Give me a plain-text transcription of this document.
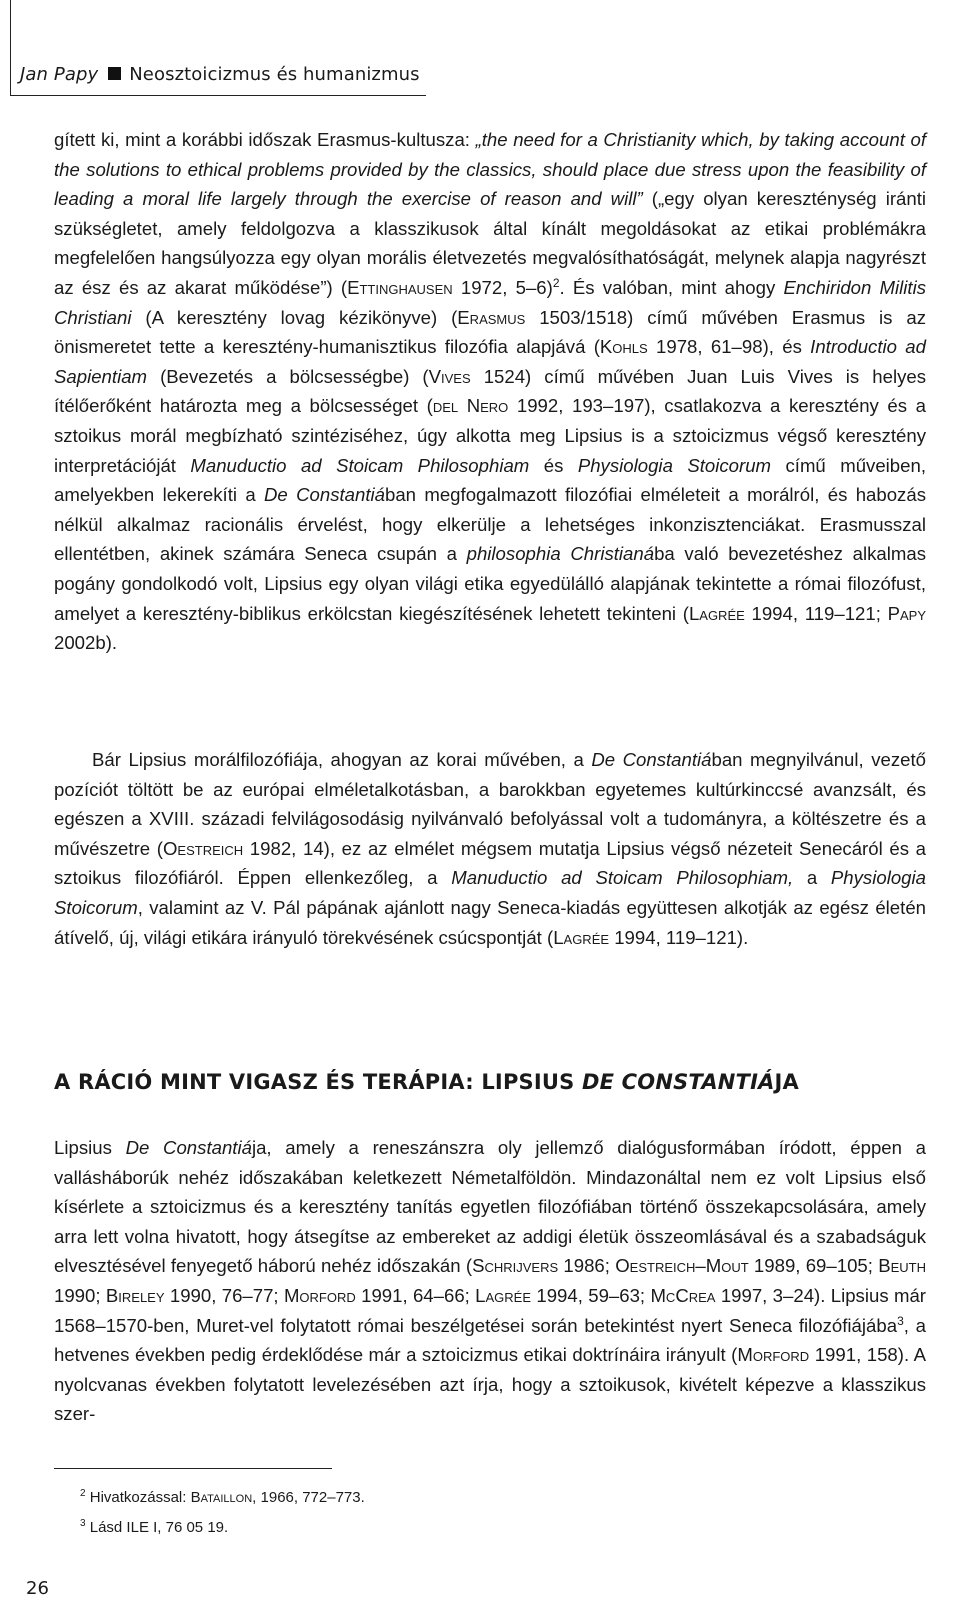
Jan Papy Neosztoicizmus és humanizmus

gített ki, mint a korábbi időszak Erasmus-kultusza: „the need for a Christianity which, by taking account of the solutions to ethical problems provided by the classics, should place due stress upon the feasibility of leading a moral life largely through the exercise of reason and will” („egy olyan kereszténység iránti szükségletet, amely feldolgozva a klasszikusok által kínált megoldásokat az etikai problémákra megfelelően hangsúlyozza egy olyan morális életvezetés megvalósíthatóságát, melynek alapja nagyrészt az ész és az akarat működése”) (Ettinghausen 1972, 5–6)$^2$. És valóban, mint ahogy Enchiridon Militis Christiani (A keresztény lovag kézikönyve) (Erasmus 1503/1518) című művében Erasmus is az önismeretet tette a keresztény-humanisztikus filozófia alapjává (Kohls 1978, 61–98), és Introductio ad Sapientiam (Bevezetés a bölcsességbe) (Vives 1524) című művében Juan Luis Vives is helyes ítélőerőként határozta meg a bölcsességet (del Nero 1992, 193–197), csatlakozva a keresztény és a sztoikus morál megbízható szintéziséhez, úgy alkotta meg Lipsius is a sztoicizmus végső keresztény interpretációját Manuductio ad Stoicam Philosophiam és Physiologia Stoicorum című műveiben, amelyekben lekerekíti a De Constantiában megfogalmazott filozófiai elméleteit a morálról, és habozás nélkül alkalmaz racionális érvelést, hogy elkerülje a lehetséges inkonzisztenciákat. Erasmusszal ellentétben, akinek számára Seneca csupán a philosophia Christianába való bevezetéshez alkalmas pogány gondolkodó volt, Lipsius egy olyan világi etika egyedülálló alapjának tekintette a római filozófust, amelyet a keresztény-biblikus erkölcstan kiegészítésének lehetett tekinteni (Lagrée 1994, 119–121; Papy 2002b).

Bár Lipsius morálfilozófiája, ahogyan az korai művében, a De Constantiában megnyilvánul, vezető pozíciót töltött be az európai elméletalkotásban, a barokkban egyetemes kultúrkinccsé avanzsált, és egészen a XVIII. századi felvilágosodásig nyilvánvaló befolyással volt a tudományra, a költészetre és a művészetre (Oestreich 1982, 14), ez az elmélet mégsem mutatja Lipsius végső nézeteit Senecáról és a sztoikus filozófiáról. Éppen ellenkezőleg, a Manuductio ad Stoicam Philosophiam, a Physiologia Stoicorum, valamint az V. Pál pápának ajánlott nagy Seneca-kiadás együttesen alkotják az egész életén átívelő, új, világi etikára irányuló törekvésének csúcspontját (Lagrée 1994, 119–121).

A RÁCIÓ MINT VIGASZ ÉS TERÁPIA: LIPSIUS DE CONSTANTIÁJA

Lipsius De Constantiája, amely a reneszánszra oly jellemző dialógusformában íródott, éppen a vallásháborúk nehéz időszakában keletkezett Németalföldön. Mindazonáltal nem ez volt Lipsius első kísérlete a sztoicizmus és a keresztény tanítás egyetlen filozófiában történő összekapcsolására, amely arra lett volna hivatott, hogy átsegítse az embereket az addigi életük összeomlásával és a szabadságuk elvesztésével fenyegető háború nehéz időszakán (Schrijvers 1986; Oestreich–Mout 1989, 69–105; Beuth 1990; Bireley 1990, 76–77; Morford 1991, 64–66; Lagrée 1994, 59–63; McCrea 1997, 3–24). Lipsius már 1568–1570-ben, Muret-vel folytatott római beszélgetései során betekintést nyert Seneca filozófiájába$^3$, a hetvenes években pedig érdeklődése már a sztoicizmus etikai doktrínáira irányult (Morford 1991, 158). A nyolcvanas években folytatott levelezésében azt írja, hogy a sztoikusok, kivételt képezve a klasszikus szer-

$^2$ Hivatkozással: Bataillon, 1966, 772–773.

$^3$ Lásd ILE I, 76 05 19.

26
